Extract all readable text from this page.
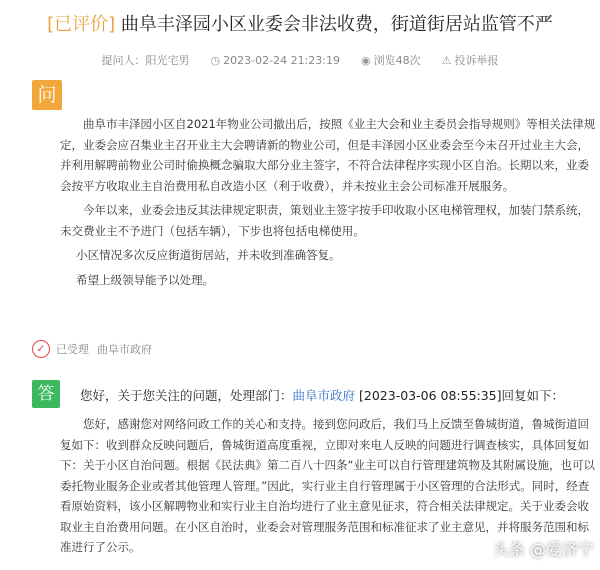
[已评价] 曲阜丰泽园小区业委会非法收费，街道街居站监管不严
提问人：阳光宅男 ◷ 2023-02-24 21:23:19 ◉ 浏览48次 ⚠ 投诉举报
问

曲阜市丰泽园小区自2021年物业公司撤出后，按照《业主大会和业主委员会指导规则》等相关法律规定，业委会应召集业主召开业主大会聘请新的物业公司，但是丰泽园小区业委会至今未召开过业主大会，并利用解聘前物业公司时偷换概念骗取大部分业主签字，不符合法律程序实现小区自治。长期以来，业委会按平方收取业主自治费用私自改造小区（利于收费），并未按业主会公司标准开展服务。

今年以来，业委会违反其法律规定职责，策划业主签字按手印收取小区电梯管理权，加装门禁系统，未交费业主不予进门（包括车辆），下步也将包括电梯使用。

小区情况多次反应街道街居站，并未收到准确答复。

希望上级领导能予以处理。

✓ 已受理 曲阜市政府
答	您好，关于您关注的问题，处理部门：曲阜市政府 [2023-03-06 08:55:35]回复如下：

您好，感谢您对网络问政工作的关心和支持。接到您问政后，我们马上反馈至鲁城街道，鲁城街道回复如下：收到群众反映问题后，鲁城街道高度重视，立即对来电人反映的问题进行调查核实，具体回复如下：关于小区自治问题。根据《民法典》第二百八十四条“业主可以自行管理建筑物及其附属设施，也可以委托物业服务企业或者其他管理人管理。”因此，实行业主自行管理属于小区管理的合法形式。同时，经查看原始资料，该小区解聘物业和实行业主自治均进行了业主意见征求，符合相关法律规定。关于业委会收取业主自治费用问题。在小区自治时，业委会对管理服务范围和标准征求了业主意见，并将服务范围和标准进行了公示。	头条 @爱济宁
